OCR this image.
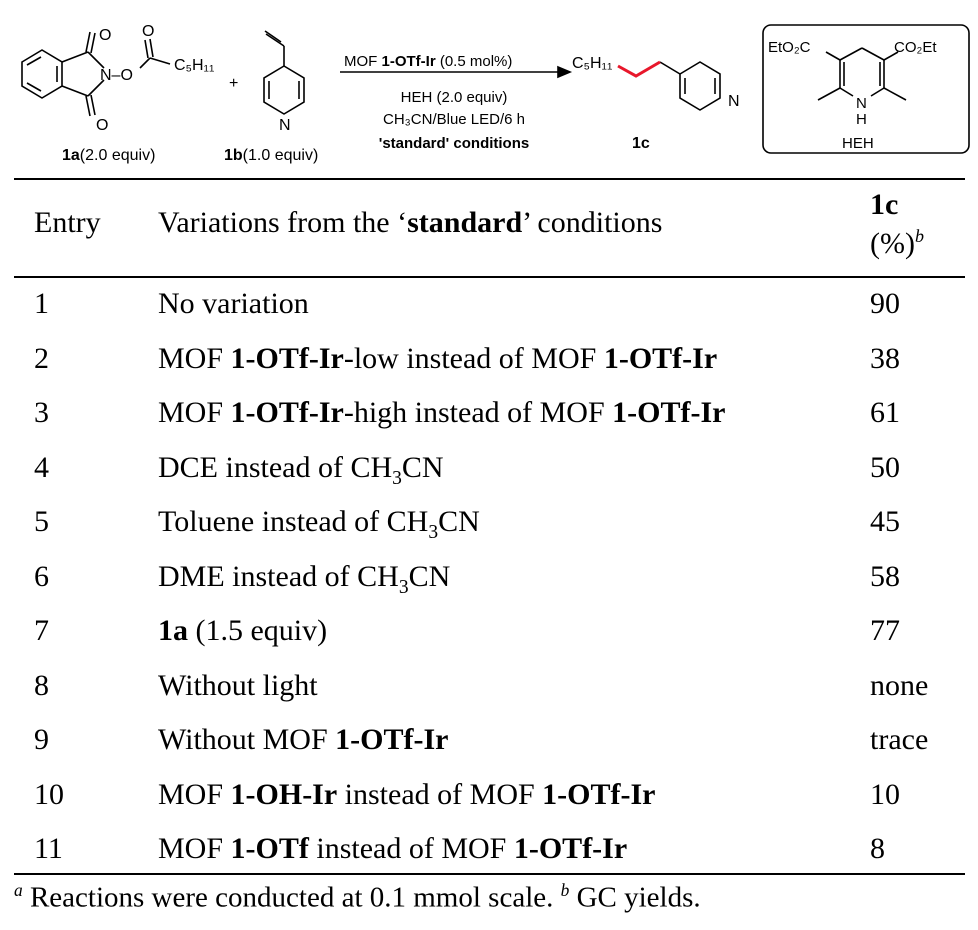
O
N–O
O
O
C₅H₁₁
1a(2.0 equiv)
+
N
1b(1.0 equiv)
MOF 1-OTf-Ir (0.5 mol%)
HEH (2.0 equiv)
CH₃CN/Blue LED/6 h
'standard' conditions
C₅H₁₁
N
1c
EtO₂C	CO₂Et
N
H
HEH
Entry Variations from the ‘standard’ conditions
1c
(%)$^b$
1	No variation	90
2	MOF 1-OTf-Ir-low instead of MOF 1-OTf-Ir	38
3	MOF 1-OTf-Ir-high instead of MOF 1-OTf-Ir	61
4	DCE instead of $CH_3CN$	50
5	Toluene instead of $CH_3CN$	45
6	DME instead of $CH_3CN$	58
7	1a (1.5 equiv)	77
8	Without light	none
9	Without MOF 1-OTf-Ir	trace
10	MOF 1-OH-Ir instead of MOF 1-OTf-Ir	10
11	MOF 1-OTf instead of MOF 1-OTf-Ir	8
$^a$ Reactions were conducted at 0.1 mmol scale. $^b$ GC yields.
